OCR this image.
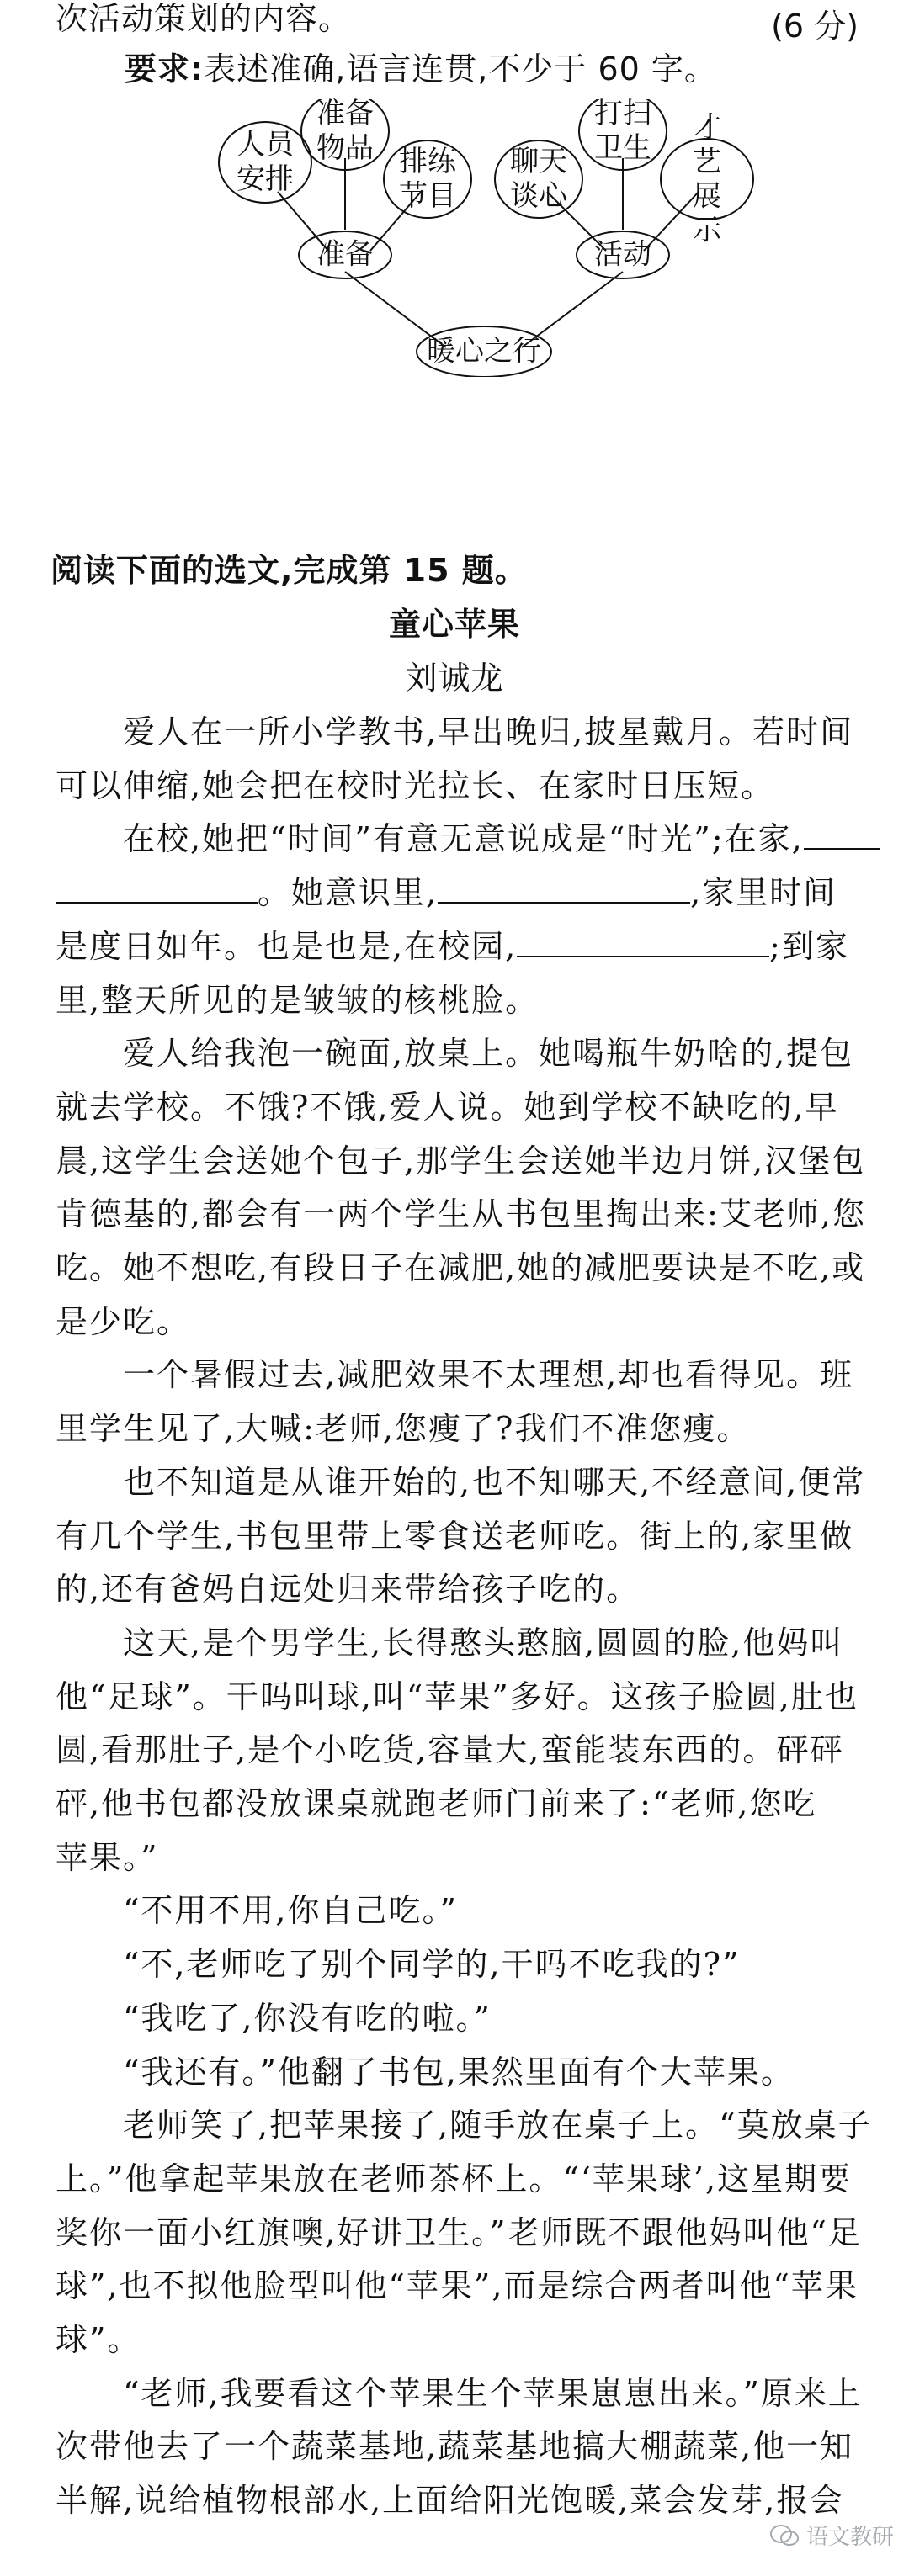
次活动策划的内容。	(6 分)
要求:表述准确,语言连贯,不少于 60 字。
人员
安排
准备
物品 排练
节目
准备
聊天
谈心
打扫
卫生
才艺
展示
活动
暖心之行
阅读下面的选文,完成第 15 题。
童心苹果
刘诚龙
　　爱人在一所小学教书,早出晚归,披星戴月。若时间
可以伸缩,她会把在校时光拉长、在家时日压短。
　　在校,她把“时间”有意无意说成是“时光”;在家,
。她意识里,	,家里时间
是度日如年。也是也是,在校园,	;到家
里,整天所见的是皱皱的核桃脸。
　　爱人给我泡一碗面,放桌上。她喝瓶牛奶啥的,提包
就去学校。不饿?不饿,爱人说。她到学校不缺吃的,早
晨,这学生会送她个包子,那学生会送她半边月饼,汉堡包
肯德基的,都会有一两个学生从书包里掏出来:艾老师,您
吃。她不想吃,有段日子在减肥,她的减肥要诀是不吃,或
是少吃。
　　一个暑假过去,减肥效果不太理想,却也看得见。班
里学生见了,大喊:老师,您瘦了?我们不准您瘦。
　　也不知道是从谁开始的,也不知哪天,不经意间,便常
有几个学生,书包里带上零食送老师吃。街上的,家里做
的,还有爸妈自远处归来带给孩子吃的。
　　这天,是个男学生,长得憨头憨脑,圆圆的脸,他妈叫
他“足球”。干吗叫球,叫“苹果”多好。这孩子脸圆,肚也
圆,看那肚子,是个小吃货,容量大,蛮能装东西的。砰砰
砰,他书包都没放课桌就跑老师门前来了:“老师,您吃
苹果。”
　　“不用不用,你自己吃。”
　　“不,老师吃了别个同学的,干吗不吃我的?”
　　“我吃了,你没有吃的啦。”
　　“我还有。”他翻了书包,果然里面有个大苹果。
　　老师笑了,把苹果接了,随手放在桌子上。“莫放桌子
上。”他拿起苹果放在老师茶杯上。“‘苹果球’,这星期要
奖你一面小红旗噢,好讲卫生。”老师既不跟他妈叫他“足
球”,也不拟他脸型叫他“苹果”,而是综合两者叫他“苹果
球”。
　　“老师,我要看这个苹果生个苹果崽崽出来。”原来上
次带他去了一个蔬菜基地,蔬菜基地搞大棚蔬菜,他一知
半解,说给植物根部水,上面给阳光饱暖,菜会发芽,报会
语文教研
